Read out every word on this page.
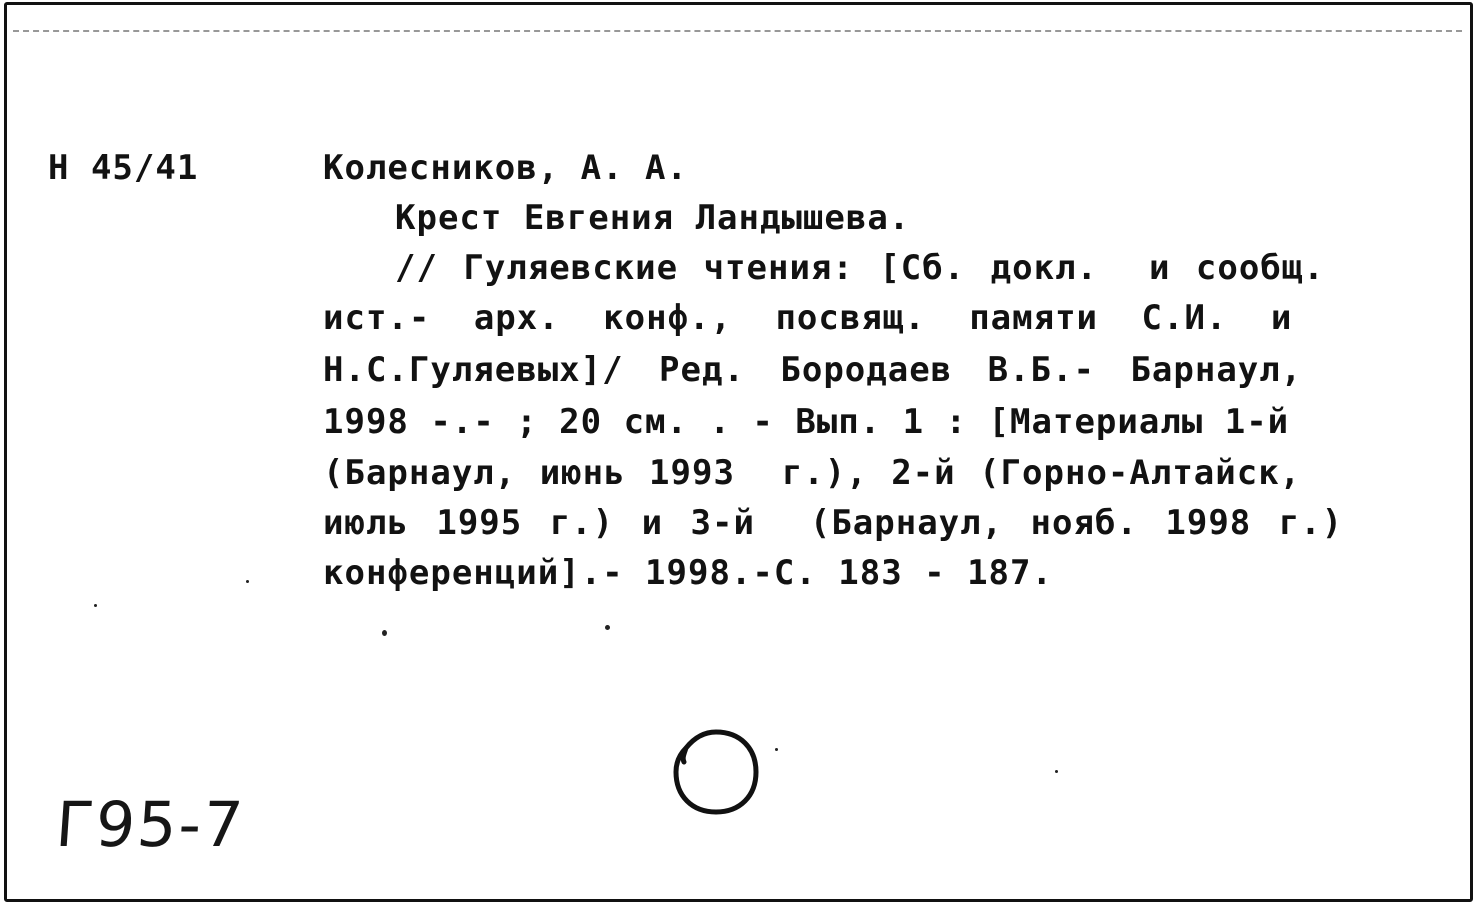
Н 45/41	Колесников, А. А.
Крест Евгения Ландышева.
// Гуляевские чтения: [Сб. докл.  и сообщ.
ист.- арх. конф., посвящ. памяти С.И. и
Н.С.Гуляевых]/ Ред. Бородаев В.Б.- Барнаул,
1998 -.- ; 20 см. . - Вып. 1 : [Материалы 1-й
(Барнаул, июнь 1993  г.), 2-й (Горно-Алтайск,
июль 1995 г.) и 3-й  (Барнаул, нояб. 1998 г.)
конференций].- 1998.-С. 183 - 187.
Г95-7
